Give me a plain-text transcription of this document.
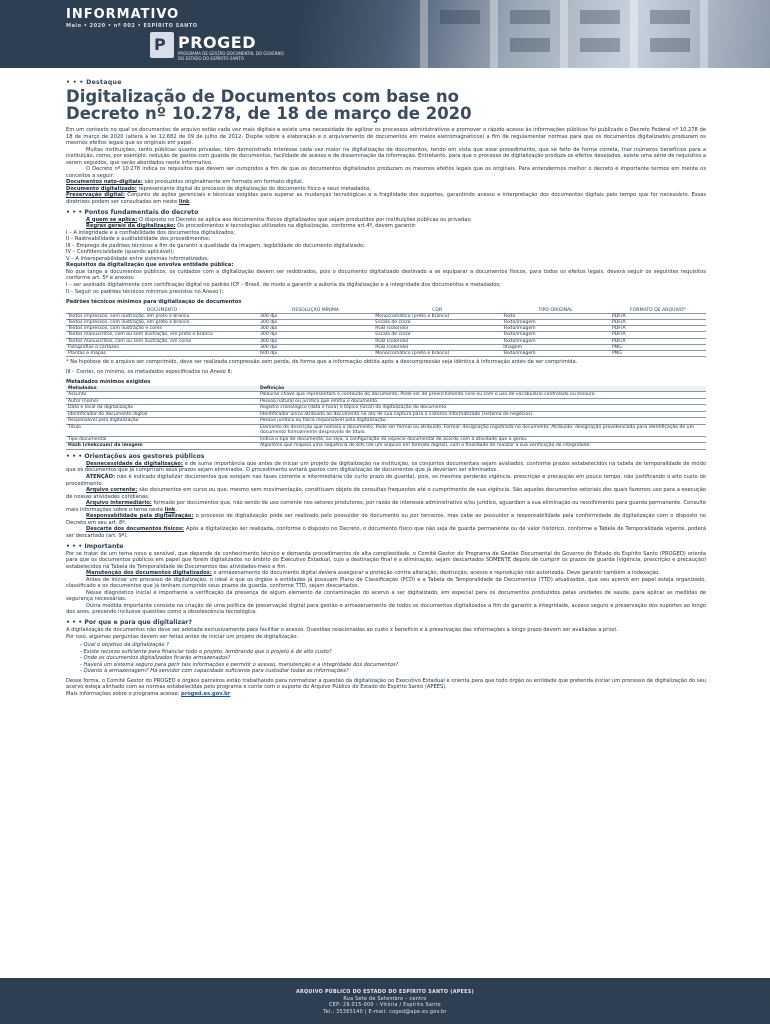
INFORMATIVO
Maio • 2020 • nº 002 • ESPÍRITO SANTO
P PROGED
PROGRAMA DE GESTÃO DOCUMENTAL DO GOVERNO DO ESTADO DO ESPÍRITO SANTO
• • • Destaque
Digitalização de Documentos com base no
Decreto nº 10.278, de 18 de março de 2020

Em um contexto no qual os documentos de arquivo estão cada vez mais digitais e existe uma necessidade de agilizar os processos administrativos e promover o rápido acesso às informações públicas foi publicado o Decreto Federal nº 10.278 de 18 de março de 2020 (altera a lei 12.682 de 09 de julho de 2012- Dispõe sobre a elaboração e o arquivamento de documentos em meios eletromagnéticos) a fim de regulamentar normas para que os documentos digitalizados produzam os mesmos efeitos legais que os originais em papel.

Muitas instituições, tanto públicas quanto privadas, têm demonstrado interesse cada vez maior na digitalização de documentos, tendo em vista que esse procedimento, que se feito de forma correta, traz inúmeros benefícios para a instituição, como, por exemplo: redução de gastos com guarda de documentos, facilidade de acesso e de disseminação da informação. Entretanto, para que o processo de digitalização produza os efeitos desejados, existe uma série de requisitos a serem seguidos, que serão abordados neste informativo.

O Decreto nº 10.278 indica os requisitos que devem ser cumpridos a fim de que os documentos digitalizados produzam os mesmos efeitos legais que os originais. Para entendermos melhor o decreto é importante termos em mente os conceitos a seguir:

Documentos nato-digitais: são produzidos originalmente em formato em formato digital.

Documento digitalizado: representante digital do processo de digitalização do documento físico e seus metadados.

Preservação digital: Conjunto de ações gerenciais e técnicas exigidas para superar as mudanças tecnológicas e a fragilidade dos suportes, garantindo acesso e interpretação dos documentos digitais pelo tempo que for necessário. Essas diretrizes podem ser consultadas em neste link.

• • • Pontos fundamentais do decreto

A quem se aplica: O disposto no Decreto se aplica aos documentos físicos digitalizados que sejam produzidos por instituições públicas ou privadas;

Regras gerais da digitalização: Os procedimentos e tecnologias utilizados na digitalização, conforme art.4º, devem garantir:

I – A integridade e a confiabilidade dos documentos digitalizados;

II – Rastreabilidade e auditabilidade dos procedimentos;

III – Emprego de padrões técnicos a fim de garantir a qualidade da imagem, legibilidade do documento digitalizado;

IV – Confidencialidade (quando aplicável);

V – A interoperabilidade entre sistemas informatizados;

Requisitos da digitalização que envolva entidade pública:

No que tange a documentos públicos, os cuidados com a digitalização devem ser redobrados, pois o documento digitalizado destinado a se equiparar a documentos físicos, para todos os efeitos legais, deverá seguir os seguintes requisitos conforme art. 5º e anexos:

I – ser assinado digitalmente com certificação digital no padrão ICP – Brasil, de modo a garantir a autoria da digitalização e a integridade dos documentos e metadados;

II – Seguir os padrões técnicos mínimos previstos no Anexo I;

Padrões técnicos mínimos para digitalização de documentos

DOCUMENTO	RESOLUÇÃO MÍNIMA	COR	TIPO ORIGINAL	FORMATO DE ARQUIVO*
Textos impressos, sem ilustração, em preto e branco	300 dpi	Monocromático (preto e branco)	Texto	PDF/A
Textos impressos, com ilustração, em preto e branco	300 dpi	Escala de cinza	Texto/imagem	PDF/A
Textos impressos, com ilustração e cores	300 dpi	RGB (colorido)	Texto/imagem	PDF/A
Textos manuscritos, com ou sem ilustração, em preto e branco	300 dpi	Escala de cinza	Texto/imagem	PDF/A
Textos manuscritos, com ou sem ilustração, em cores	300 dpi	RGB (colorido)	Texto/imagem	PDF/A
Fotografias e cartazes	300 dpi	RGB (colorido)	Imagem	PNG
Plantas e mapas	600 dpi	Monocromático (preto e branco)	Texto/imagem	PNG

* Na hipótese de o arquivo ser comprimido, deve ser realizada compressão sem perda, de forma que a informação obtida após a descompressão seja idêntica à informação antes de ser comprimida.

III – Conter, no mínimo, os metadados especificados no Anexo II;

Metadados mínimos exigidos

Metadados	Definição
Assunto	Palavras-chave que representam o conteúdo do documento. Pode ser de preenchimento livre ou com o uso de vocabulário controlado ou tesauro.
Autor (nome)	Pessoa natural ou jurídica que emitiu o documento.
Data e local da digitalização	Registro cronológico (data e hora) e tópico (local) da digitalização do documento.
Identificador do documento digital	Identificador único atribuído ao documento no ato de sua captura para o sistema informatizado (sistema de negócios).
Responsável pela digitalização	Pessoa jurídica ou física responsável pela digitalização.
Título	Elemento de descrição que nomeia o documento. Pode ser formal ou atribuído. Formal: designação registrada no documento; Atribuído: designação providenciada para identificação de um documento formalmente desprovido de título.
Tipo documental	Indica o tipo de documento, ou seja, a configuração da espécie documental de acordo com a atividade que a gerou.
Hash (chekcsum) da imagem	Algoritmo que mapeia uma sequência de bits (de um arquivo em formato digital), com a finalidade de realizar a sua verificação de integridade.
• • • Orientações aos gestores públicos

Desnecessidade da digitalização: é de suma importância que antes de iniciar um projeto de digitalização na instituição, os conjuntos documentais sejam avaliados, conforme prazos estabelecidos na tabela de temporalidade de modo que os documentos que já cumpriram seus prazos sejam eliminados. O procedimento evitará gastos com digitalização de documentos que já deveriam ser eliminados.

ATENÇÃO: não é indicado digitalizar documentos que estejam nas fases corrente e intermediária (de curto prazo de guarda), pois, os mesmos perderão vigência, prescrição e precaução em pouco tempo, não justificando o alto custo do procedimento.

Arquivo corrente: são documentos em curso ou que, mesmo sem movimentação, constituam objeto de consultas frequentes até o cumprimento de sua vigência. São aqueles documentos setoriais dos quais fazemos uso para a execução de nossas atividades cotidianas.

Arquivo intermediário: formado por documentos que, não sendo de uso corrente nos setores produtores, por razão de interesse administrativo e/ou jurídico, aguardam a sua eliminação ou recolhimento para guarda permanente. Consulte mais informações sobre o tema neste link.

Responsabilidade pela digitalização: o processo de digitalização pode ser realizado pelo possuidor do documento ou por terceiros, mas cabe ao possuidor a responsabilidade pela conformidade da digitalização com o disposto no Decreto em seu art. 8º.

Descarte dos documentos físicos: Após a digitalização ser realizada, conforme o disposto no Decreto, o documento físico que não seja de guarda permanente ou de valor histórico, conforme a Tabela de Temporalidade vigente, poderá ser descartado (art. 9º).

• • • Importante

Por se tratar de um tema novo e sensível, que depende de conhecimento técnico e demanda procedimentos de alta complexidade, o Comitê Gestor do Programa de Gestão Documental do Governo do Estado do Espírito Santo (PROGED) orienta para que os documentos públicos em papel que forem digitalizados no âmbito do Executivo Estadual, cujo a destinação final é a eliminação, sejam descartados SOMENTE depois de cumprir os prazos de guarda (vigência, prescrição e precaução) estabelecidos na Tabela de Temporalidade de Documentos das atividades-meio e fim.

Manutenção dos documentos digitalizados: o armazenamento do documento digital deverá assegurar a proteção contra alteração, destruição, acesso e reprodução não autorizada. Deve garantir também a indexação.

Antes de iniciar um processo de digitalização, o ideal é que os órgãos e entidades já possuam Plano de Classificação (PCD) e a Tabela de Temporalidade de Documentos (TTD) atualizados, que seu acervo em papel esteja organizado, classificado e os documentos que já tenham cumprido seus prazos de guarda, conforme TTD, sejam descartados.

Nesse diagnóstico inicial é importante a verificação da presença de algum elemento de contaminação do acervo a ser digitalizado, em especial para os documentos produzidos pelas unidades de saúde, para aplicar as medidas de segurança necessárias.

Outra medida importante consiste na criação de uma política de preservação digital para gestão e armazenamento de todos os documentos digitalizados a fim de garantir a integridade, acesso seguro e preservação dos suportes ao longo dos anos, prevendo inclusive questões como a obsolescência tecnológica.

• • • Por que e para que digitalizar?

A digitalização de documentos não deve ser adotada exclusivamente para facilitar o acesso. Questões relacionadas ao custo x benefício e à preservação das informações a longo prazo devem ser avaliadas a priori.

Por isso, algumas perguntas devem ser feitas antes de iniciar um projeto de digitalização:

- Qual o objetivo da digitalização ?

- Existe recurso suficiente para financiar todo o projeto, lembrando que o projeto é de alto custo?

- Onde os documentos digitalizados ficarão armazenados?

- Haverá um sistema seguro para gerir tais informações e permitir o acesso, manutenção e a integridade dos documentos?

- Quanto à armazenagem? Há servidor com capacidade suficiente para custodiar todas as informações?

Desse forma, o Comitê Gestor do PROGED e órgãos parceiros estão trabalhando para normatizar a questão da digitalização no Executivo Estadual e orienta para que todo órgão ou entidade que pretenda iniciar um processo de digitalização do seu acervo esteja alinhado com as normas estabelecidas pelo programa e conte com o suporte do Arquivo Público do Estado do Espírito Santo (APEES).

Mais informações sobre o programa acesse: proged.es.gov.br

ARQUIVO PÚBLICO DO ESTADO DO ESPÍRITO SANTO (APEES)
Rua Sete de Setembro – centro
CEP: 29.015-000 – Vitória / Espírito Santo
Tel.: 35365140 | E-mail: coged@ape.es.gov.br
